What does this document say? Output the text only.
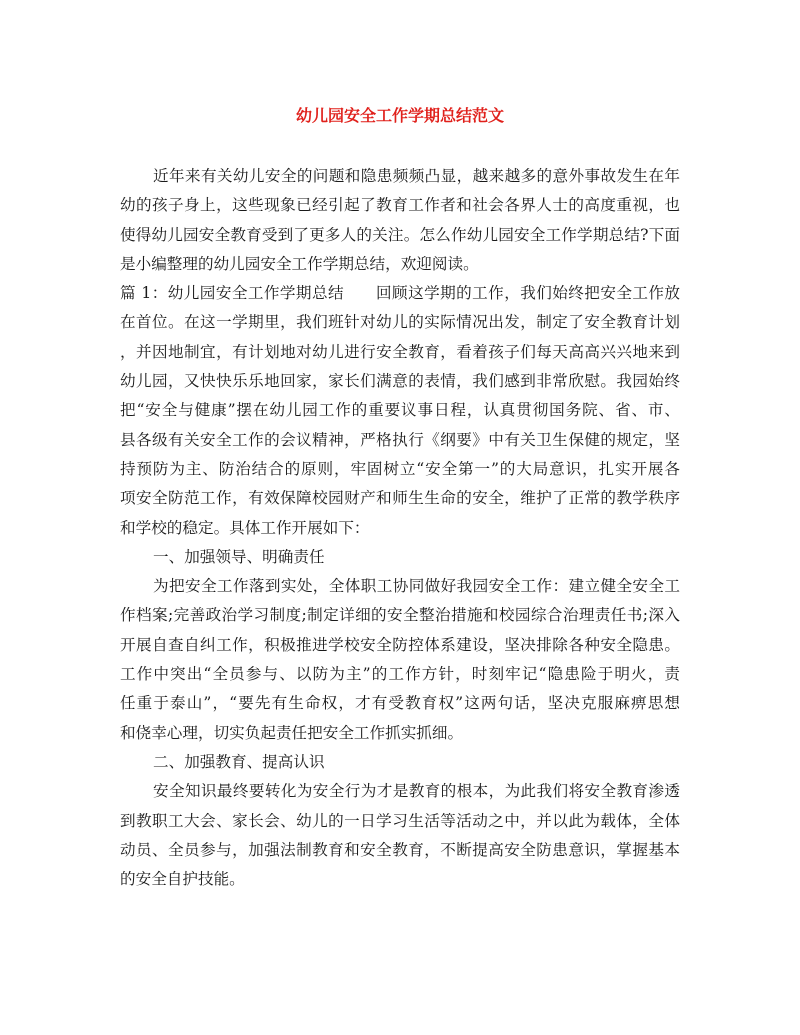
幼儿园安全工作学期总结范文
近年来有关幼儿安全的问题和隐患频频凸显，越来越多的意外事故发生在年
幼的孩子身上，这些现象已经引起了教育工作者和社会各界人士的高度重视，也
使得幼儿园安全教育受到了更多人的关注。怎么作幼儿园安全工作学期总结?下面
是小编整理的幼儿园安全工作学期总结，欢迎阅读。
篇 1：幼儿园安全工作学期总结　　回顾这学期的工作，我们始终把安全工作放
在首位。在这一学期里，我们班针对幼儿的实际情况出发，制定了安全教育计划
，并因地制宜，有计划地对幼儿进行安全教育，看着孩子们每天高高兴兴地来到
幼儿园，又快快乐乐地回家，家长们满意的表情，我们感到非常欣慰。我园始终
把“安全与健康”摆在幼儿园工作的重要议事日程，认真贯彻国务院、省、市、
县各级有关安全工作的会议精神，严格执行《纲要》中有关卫生保健的规定，坚
持预防为主、防治结合的原则，牢固树立“安全第一”的大局意识，扎实开展各
项安全防范工作，有效保障校园财产和师生生命的安全，维护了正常的教学秩序
和学校的稳定。具体工作开展如下：
一、加强领导、明确责任
为把安全工作落到实处，全体职工协同做好我园安全工作：建立健全安全工
作档案;完善政治学习制度;制定详细的安全整治措施和校园综合治理责任书;深入
开展自查自纠工作，积极推进学校安全防控体系建设，坚决排除各种安全隐患。
工作中突出“全员参与、以防为主”的工作方针，时刻牢记“隐患险于明火，责
任重于泰山”，“要先有生命权，才有受教育权”这两句话，坚决克服麻痹思想
和侥幸心理，切实负起责任把安全工作抓实抓细。
二、加强教育、提高认识
安全知识最终要转化为安全行为才是教育的根本，为此我们将安全教育渗透
到教职工大会、家长会、幼儿的一日学习生活等活动之中，并以此为载体，全体
动员、全员参与，加强法制教育和安全教育，不断提高安全防患意识，掌握基本
的安全自护技能。
